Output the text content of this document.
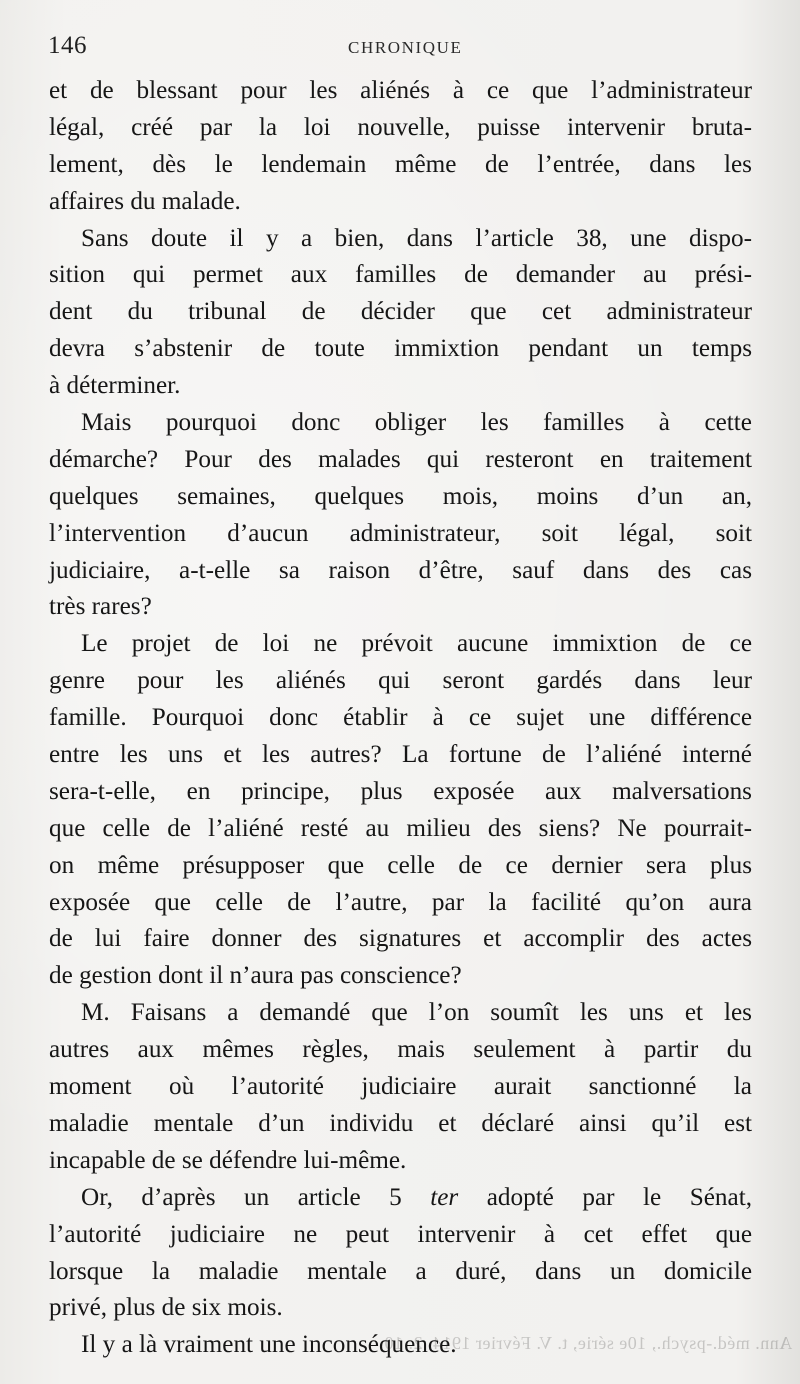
146	CHRONIQUE
et de blessant pour les aliénés à ce que l’administrateur
légal, créé par la loi nouvelle, puisse intervenir bruta-
lement, dès le lendemain même de l’entrée, dans les
affaires du malade.
Sans doute il y a bien, dans l’article 38, une dispo-
sition qui permet aux familles de demander au prési-
dent du tribunal de décider que cet administrateur
devra s’abstenir de toute immixtion pendant un temps
à déterminer.
Mais pourquoi donc obliger les familles à cette
démarche? Pour des malades qui resteront en traitement
quelques semaines, quelques mois, moins d’un an,
l’intervention d’aucun administrateur, soit légal, soit
judiciaire, a-t-elle sa raison d’être, sauf dans des cas
très rares?
Le projet de loi ne prévoit aucune immixtion de ce
genre pour les aliénés qui seront gardés dans leur
famille. Pourquoi donc établir à ce sujet une différence
entre les uns et les autres? La fortune de l’aliéné interné
sera-t-elle, en principe, plus exposée aux malversations
que celle de l’aliéné resté au milieu des siens? Ne pourrait-
on même présupposer que celle de ce dernier sera plus
exposée que celle de l’autre, par la facilité qu’on aura
de lui faire donner des signatures et accomplir des actes
de gestion dont il n’aura pas conscience?
M. Faisans a demandé que l’on soumît les uns et les
autres aux mêmes règles, mais seulement à partir du
moment où l’autorité judiciaire aurait sanctionné la
maladie mentale d’un individu et déclaré ainsi qu’il est
incapable de se défendre lui-même.
Or, d’après un article 5 ter adopté par le Sénat,
l’autorité judiciaire ne peut intervenir à cet effet que
lorsque la maladie mentale a duré, dans un domicile
privé, plus de six mois.
Il y a là vraiment une inconséquence.
Ann. méd.-psych., 10e série, t. V. Février 1914. 2. 10
